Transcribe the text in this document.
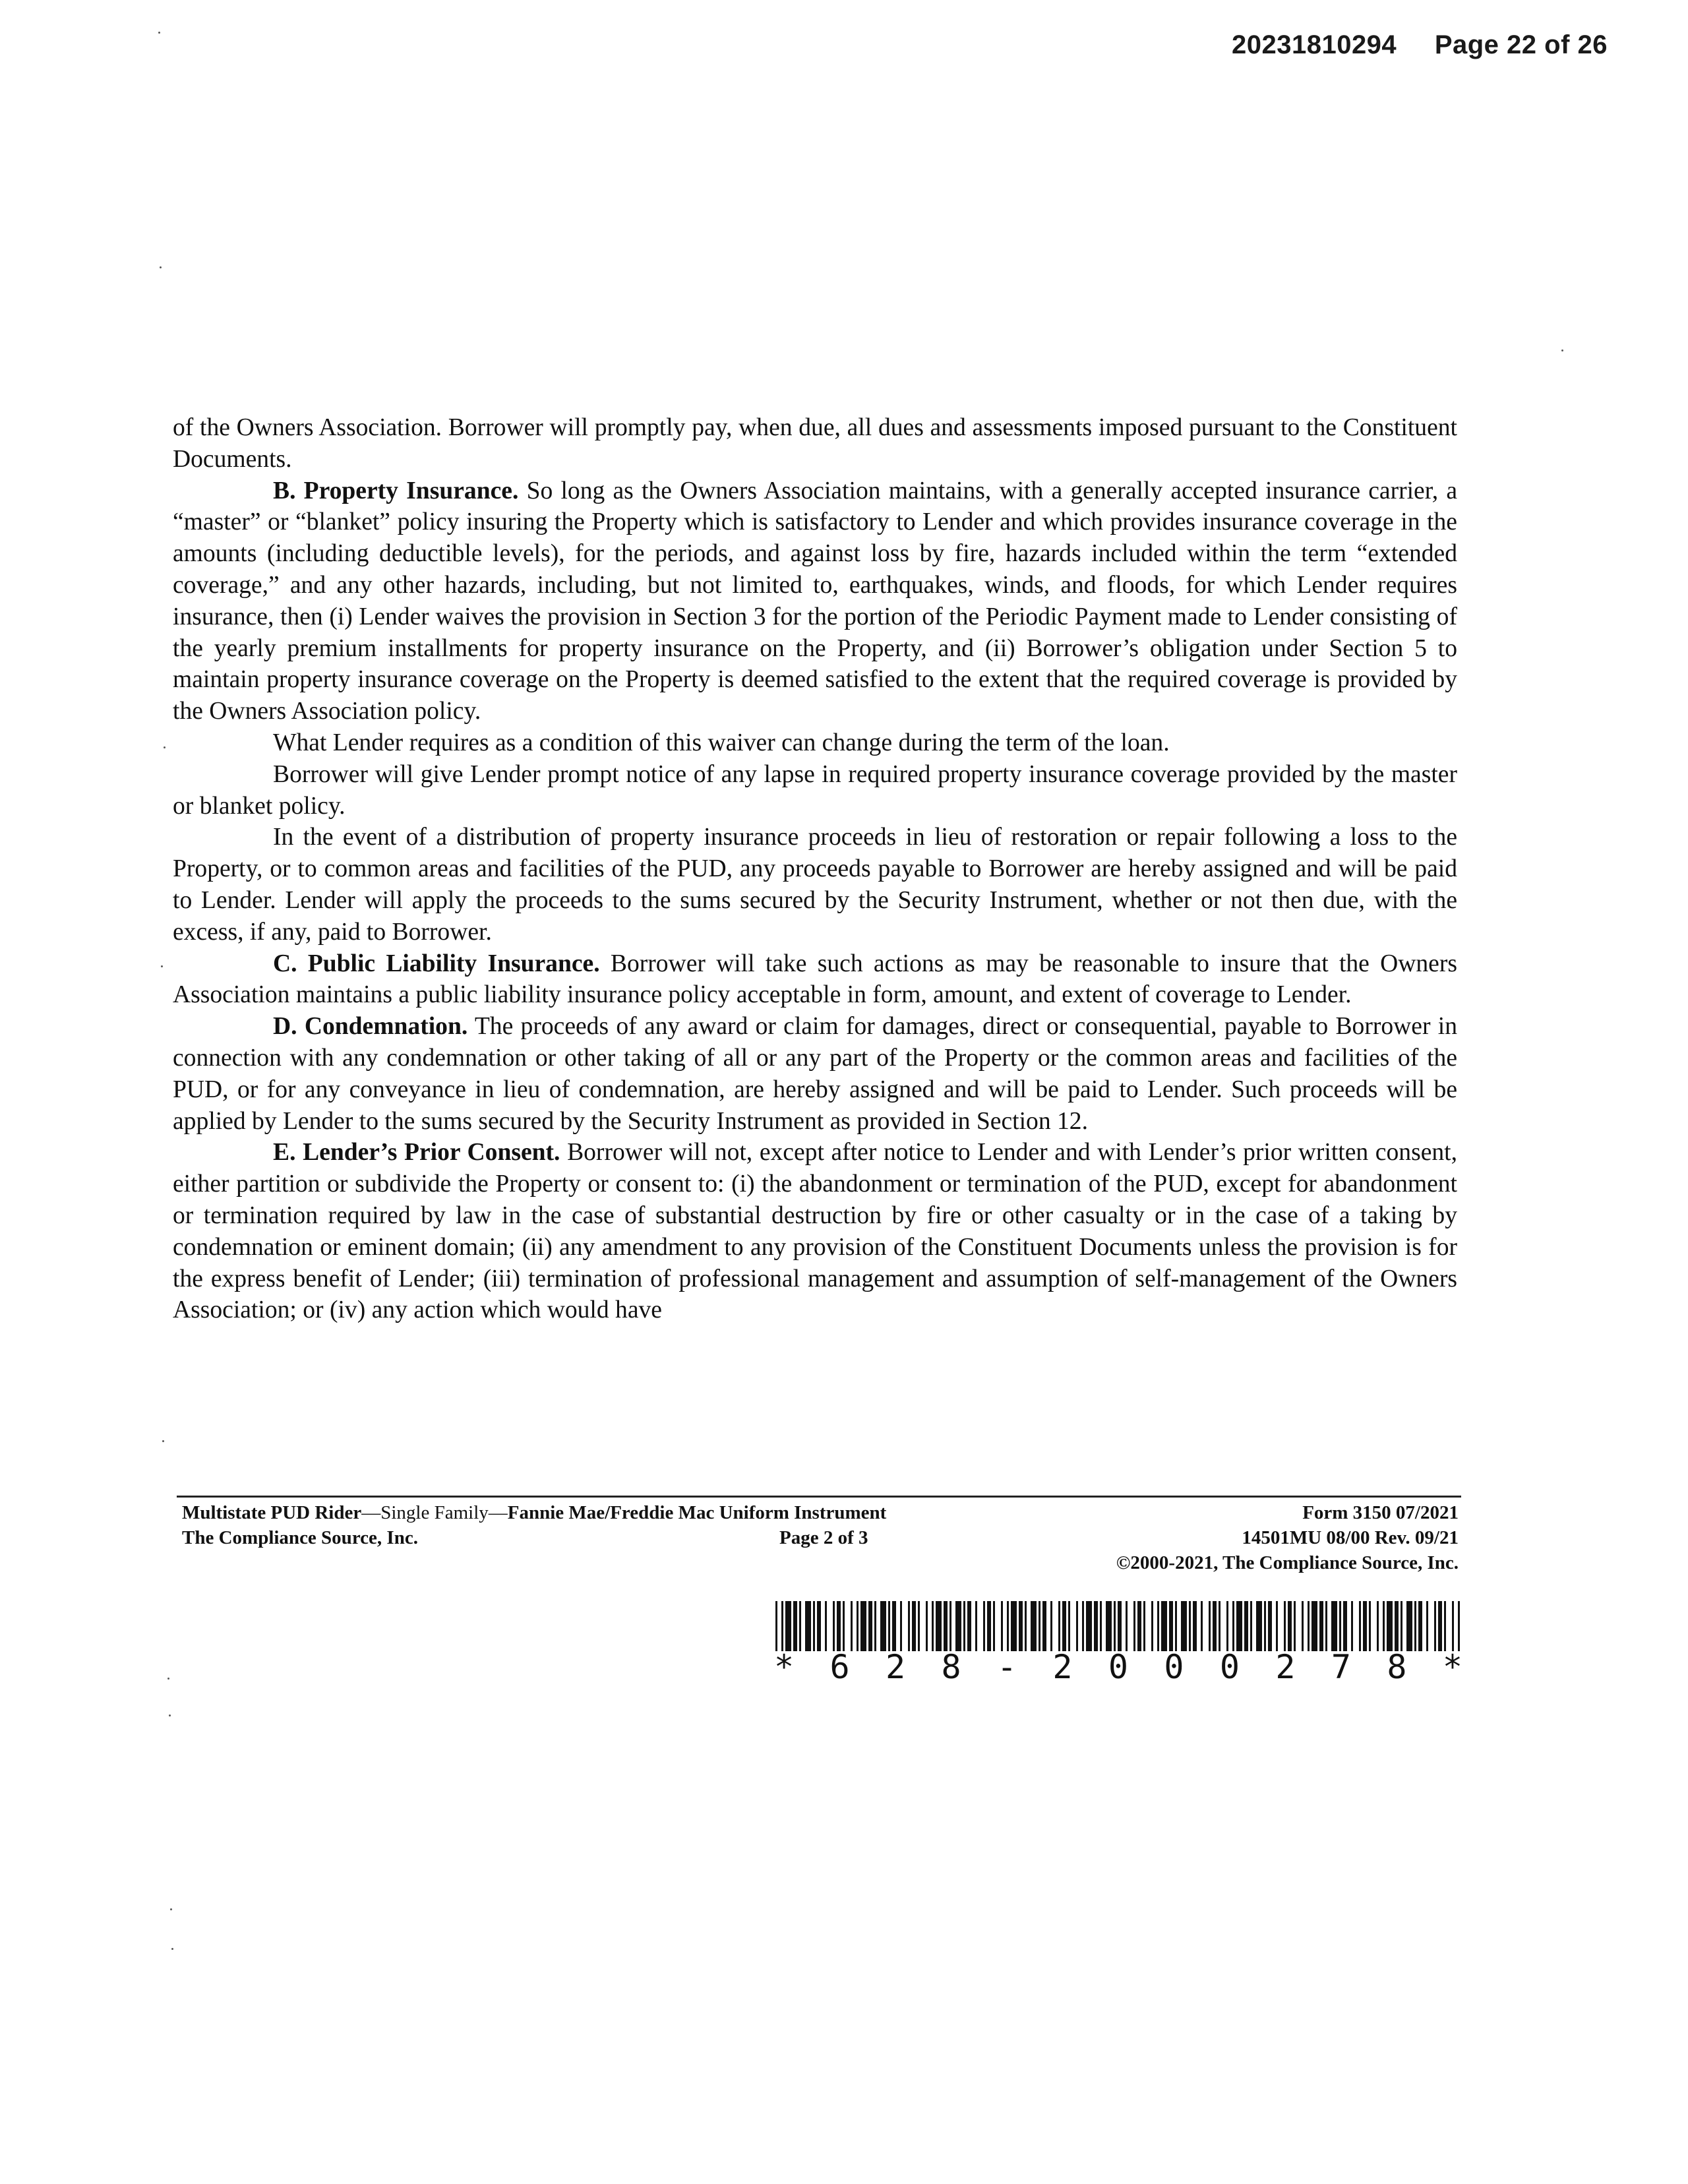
20231810294 Page 22 of 26

of the Owners Association. Borrower will promptly pay, when due, all dues and assessments imposed pursuant to the Constituent Documents.

B. Property Insurance. So long as the Owners Association maintains, with a generally accepted insurance carrier, a “master” or “blanket” policy insuring the Property which is satisfactory to Lender and which provides insurance coverage in the amounts (including deductible levels), for the periods, and against loss by fire, hazards included within the term “extended coverage,” and any other hazards, including, but not limited to, earthquakes, winds, and floods, for which Lender requires insurance, then (i) Lender waives the provision in Section 3 for the portion of the Periodic Payment made to Lender consisting of the yearly premium installments for property insurance on the Property, and (ii) Borrower’s obligation under Section 5 to maintain property insurance coverage on the Property is deemed satisfied to the extent that the required coverage is provided by the Owners Association policy.

What Lender requires as a condition of this waiver can change during the term of the loan.

Borrower will give Lender prompt notice of any lapse in required property insurance coverage provided by the master or blanket policy.

In the event of a distribution of property insurance proceeds in lieu of restoration or repair following a loss to the Property, or to common areas and facilities of the PUD, any proceeds payable to Borrower are hereby assigned and will be paid to Lender. Lender will apply the proceeds to the sums secured by the Security Instrument, whether or not then due, with the excess, if any, paid to Borrower.

C. Public Liability Insurance. Borrower will take such actions as may be reasonable to insure that the Owners Association maintains a public liability insurance policy acceptable in form, amount, and extent of coverage to Lender.

D. Condemnation. The proceeds of any award or claim for damages, direct or consequential, payable to Borrower in connection with any condemnation or other taking of all or any part of the Property or the common areas and facilities of the PUD, or for any conveyance in lieu of condemnation, are hereby assigned and will be paid to Lender. Such proceeds will be applied by Lender to the sums secured by the Security Instrument as provided in Section 12.

E. Lender’s Prior Consent. Borrower will not, except after notice to Lender and with Lender’s prior written consent, either partition or subdivide the Property or consent to: (i) the abandonment or termination of the PUD, except for abandonment or termination required by law in the case of substantial destruction by fire or other casualty or in the case of a taking by condemnation or eminent domain; (ii) any amendment to any provision of the Constituent Documents unless the provision is for the express benefit of Lender; (iii) termination of professional management and assumption of self-management of the Owners Association; or (iv) any action which would have

Multistate PUD Rider—Single Family—Fannie Mae/Freddie Mac Uniform Instrument	Form 3150 07/2021
The Compliance Source, Inc.	Page 2 of 3	14501MU 08/00 Rev. 09/21
©2000-2021, The Compliance Source, Inc.
* 6 2 8 - 2 0 0 0 2 7 8 *
